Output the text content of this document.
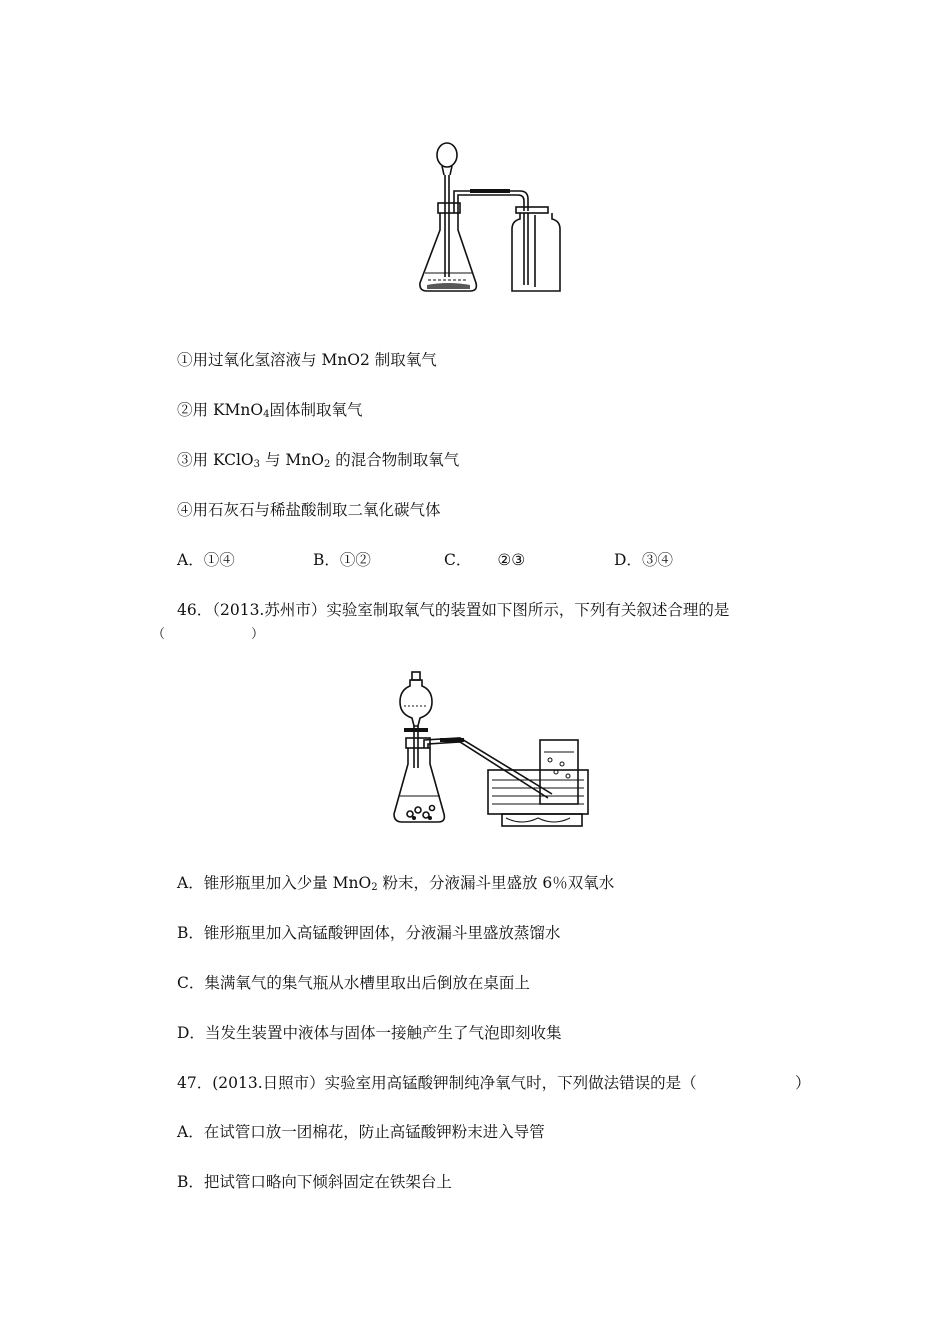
①用过氧化氢溶液与 MnO2 制取氧气
②用 KMnO$_4$固体制取氧气
③用 KClO$_3$ 与 MnO$_2$ 的混合物制取氧气
④用石灰石与稀盐酸制取二氧化碳气体
A．①④	B．①②	C． ②③	D．③④
46．（2013.苏州市）实验室制取氧气的装置如下图所示，下列有关叙述合理的是
（	）
A．锥形瓶里加入少量 MnO$_2$ 粉末，分液漏斗里盛放 6％双氧水
B．锥形瓶里加入高锰酸钾固体，分液漏斗里盛放蒸馏水
C．集满氧气的集气瓶从水槽里取出后倒放在桌面上
D．当发生装置中液体与固体一接触产生了气泡即刻收集
47．(2013.日照市）实验室用高锰酸钾制纯净氧气时，下列做法错误的是（	）
A．在试管口放一团棉花，防止高锰酸钾粉末进入导管
B．把试管口略向下倾斜固定在铁架台上
